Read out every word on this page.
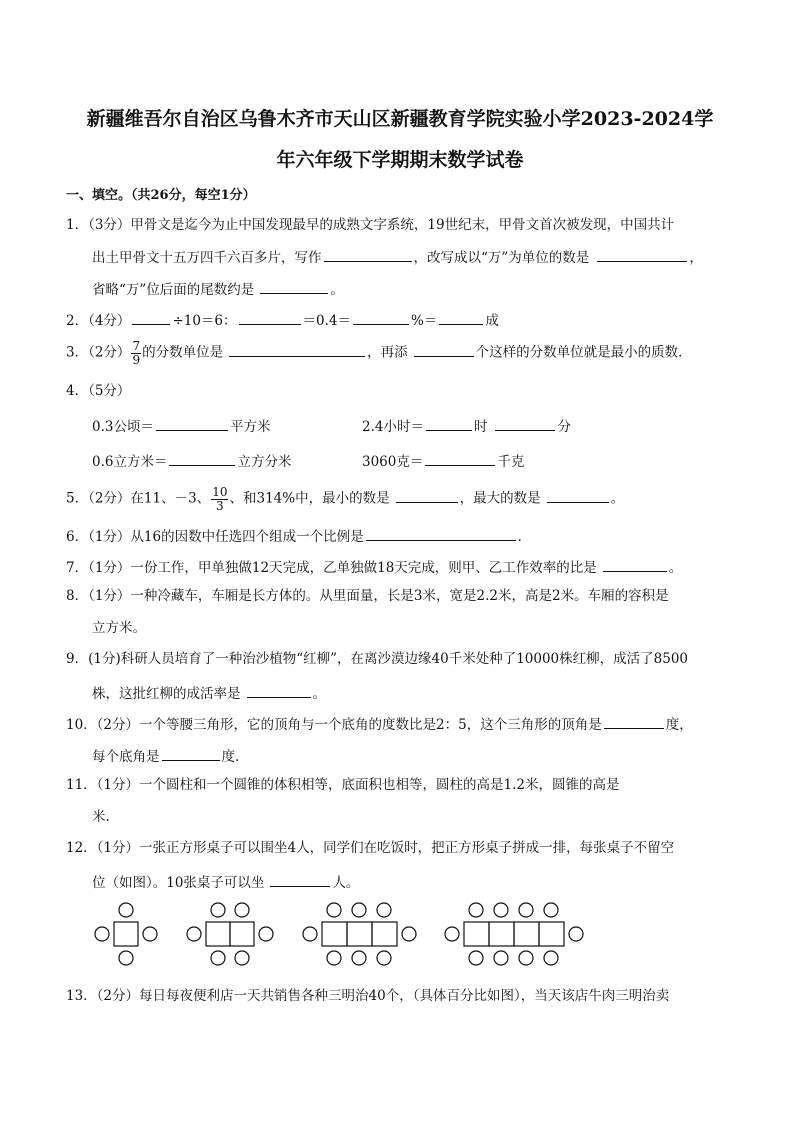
新疆维吾尔自治区乌鲁木齐市天山区新疆教育学院实验小学2023-2024学
年六年级下学期期末数学试卷
一、填空。（共26分，每空1分）
1．（3分）甲骨文是迄今为止中国发现最早的成熟文字系统，19世纪末，甲骨文首次被发现，中国共计
出土甲骨文十五万四千六百多片，写作	，改写成以“万”为单位的数是	，
省略“万”位后面的尾数约是	。
2．（4分）	÷10＝6：	＝0.4＝	%＝	成
3．（2分） $\frac{7}{9}$ 的分数单位是	，再添	个这样的分数单位就是最小的质数．
4．（5分）
0.3公顷＝	平方米	2.4小时＝	时	分
0.6立方米＝	立方分米	3060克＝	千克
5．（2分）在11、－3、 $\frac{10}{3}$ 、和314%中，最小的数是	，最大的数是	。
6．（1分）从16的因数中任选四个组成一个比例是	．
7．（1分）一份工作，甲单独做12天完成，乙单独做18天完成，则甲、乙工作效率的比是	。
8．（1分）一种冷藏车，车厢是长方体的。从里面量，长是3米，宽是2.2米，高是2米。车厢的容积是
立方米。
9．(1分)科研人员培育了一种治沙植物“红柳”，在离沙漠边缘40千米处种了10000株红柳，成活了8500
株，这批红柳的成活率是	。
10．（2分）一个等腰三角形，它的顶角与一个底角的度数比是2：5，这个三角形的顶角是	度，
每个底角是	度.
11．（1分）一个圆柱和一个圆锥的体积相等，底面积也相等，圆柱的高是1.2米，圆锥的高是
米.
12．（1分）一张正方形桌子可以围坐4人，同学们在吃饭时，把正方形桌子拼成一排，每张桌子不留空
位（如图）。10张桌子可以坐	人。
13．（2分）每日每夜便利店一天共销售各种三明治40个，（具体百分比如图），当天该店牛肉三明治卖
